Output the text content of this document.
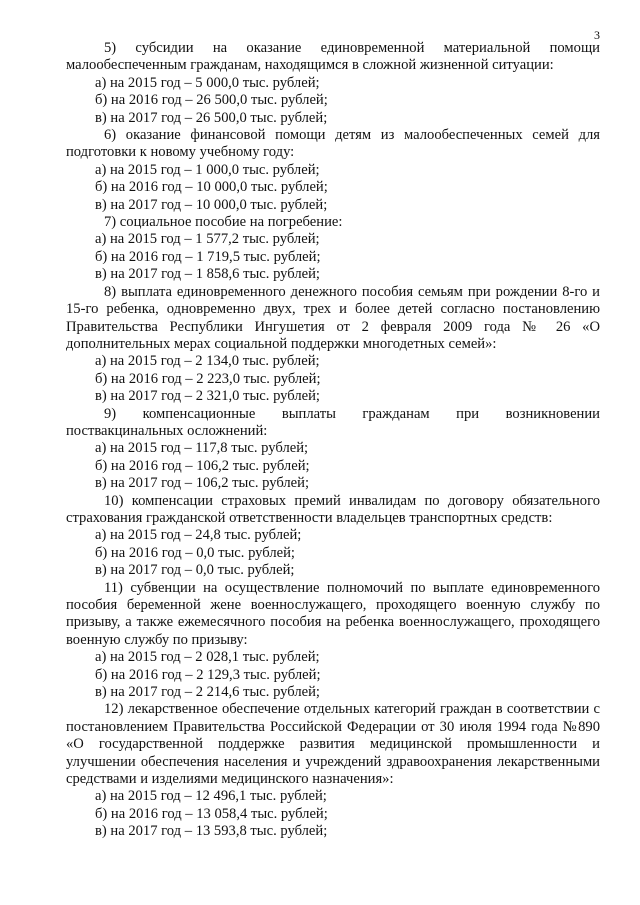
3

5) субсидии на оказание единовременной материальной помощи малообеспеченным гражданам, находящимся в сложной жизненной ситуации:

а) на 2015 год – 5 000,0 тыс. рублей;

б) на 2016 год – 26 500,0 тыс. рублей;

в) на 2017 год – 26 500,0 тыс. рублей;

6) оказание финансовой помощи детям из малообеспеченных семей для подготовки к новому учебному году:

а) на 2015 год – 1 000,0 тыс. рублей;

б) на 2016 год – 10 000,0 тыс. рублей;

в) на 2017 год – 10 000,0 тыс. рублей;

7) социальное пособие на погребение:

а) на 2015 год – 1 577,2 тыс. рублей;

б) на 2016 год – 1 719,5 тыс. рублей;

в) на 2017 год – 1 858,6 тыс. рублей;

8) выплата единовременного денежного пособия семьям при рождении 8-го и 15-го ребенка, одновременно двух, трех и более детей согласно постановлению Правительства Республики Ингушетия от 2 февраля 2009 года № 26 «О дополнительных мерах социальной поддержки многодетных семей»:

а) на 2015 год – 2 134,0 тыс. рублей;

б) на 2016 год – 2 223,0 тыс. рублей;

в) на 2017 год – 2 321,0 тыс. рублей;

9) компенсационные выплаты гражданам при возникновении поствакцинальных осложнений:

а) на 2015 год – 117,8 тыс. рублей;

б) на 2016 год – 106,2 тыс. рублей;

в) на 2017 год – 106,2 тыс. рублей;

10) компенсации страховых премий инвалидам по договору обязательного страхования гражданской ответственности владельцев транспортных средств:

а) на 2015 год – 24,8 тыс. рублей;

б) на 2016 год – 0,0 тыс. рублей;

в) на 2017 год – 0,0 тыс. рублей;

11) субвенции на осуществление полномочий по выплате единовременного пособия беременной жене военнослужащего, проходящего военную службу по призыву, а также ежемесячного пособия на ребенка военнослужащего, проходящего военную службу по призыву:

а) на 2015 год – 2 028,1 тыс. рублей;

б) на 2016 год – 2 129,3 тыс. рублей;

в) на 2017 год – 2 214,6 тыс. рублей;

12) лекарственное обеспечение отдельных категорий граждан в соответствии с постановлением Правительства Российской Федерации от 30 июля 1994 года №890 «О государственной поддержке развития медицинской промышленности и улучшении обеспечения населения и учреждений здравоохранения лекарственными средствами и изделиями медицинского назначения»:

а) на 2015 год – 12 496,1 тыс. рублей;

б) на 2016 год – 13 058,4 тыс. рублей;

в) на 2017 год – 13 593,8 тыс. рублей;
